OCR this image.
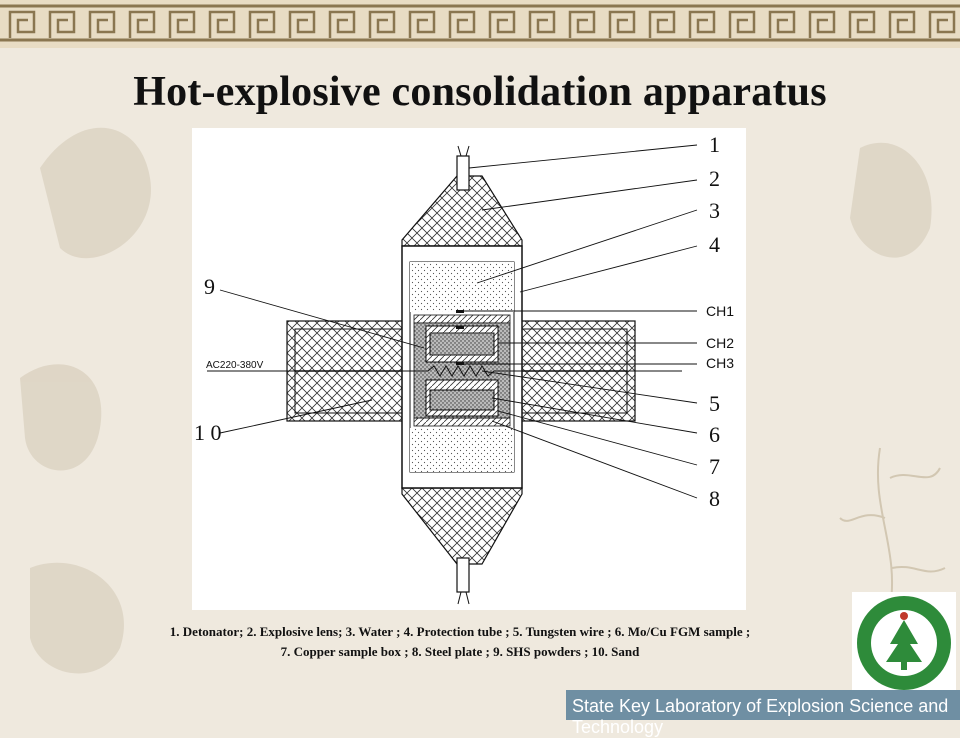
Hot-explosive consolidation apparatus
1
2
3
4
5
6
7
8
9
1 0
CH1
CH2
CH3
AC220-380V
1. Detonator; 2. Explosive lens; 3. Water ; 4. Protection tube ; 5. Tungsten wire ; 6. Mo/Cu FGM sample ;
7. Copper sample box ; 8. Steel plate ; 9. SHS powders ; 10. Sand
State Key Laboratory of Explosion Science and Technology
